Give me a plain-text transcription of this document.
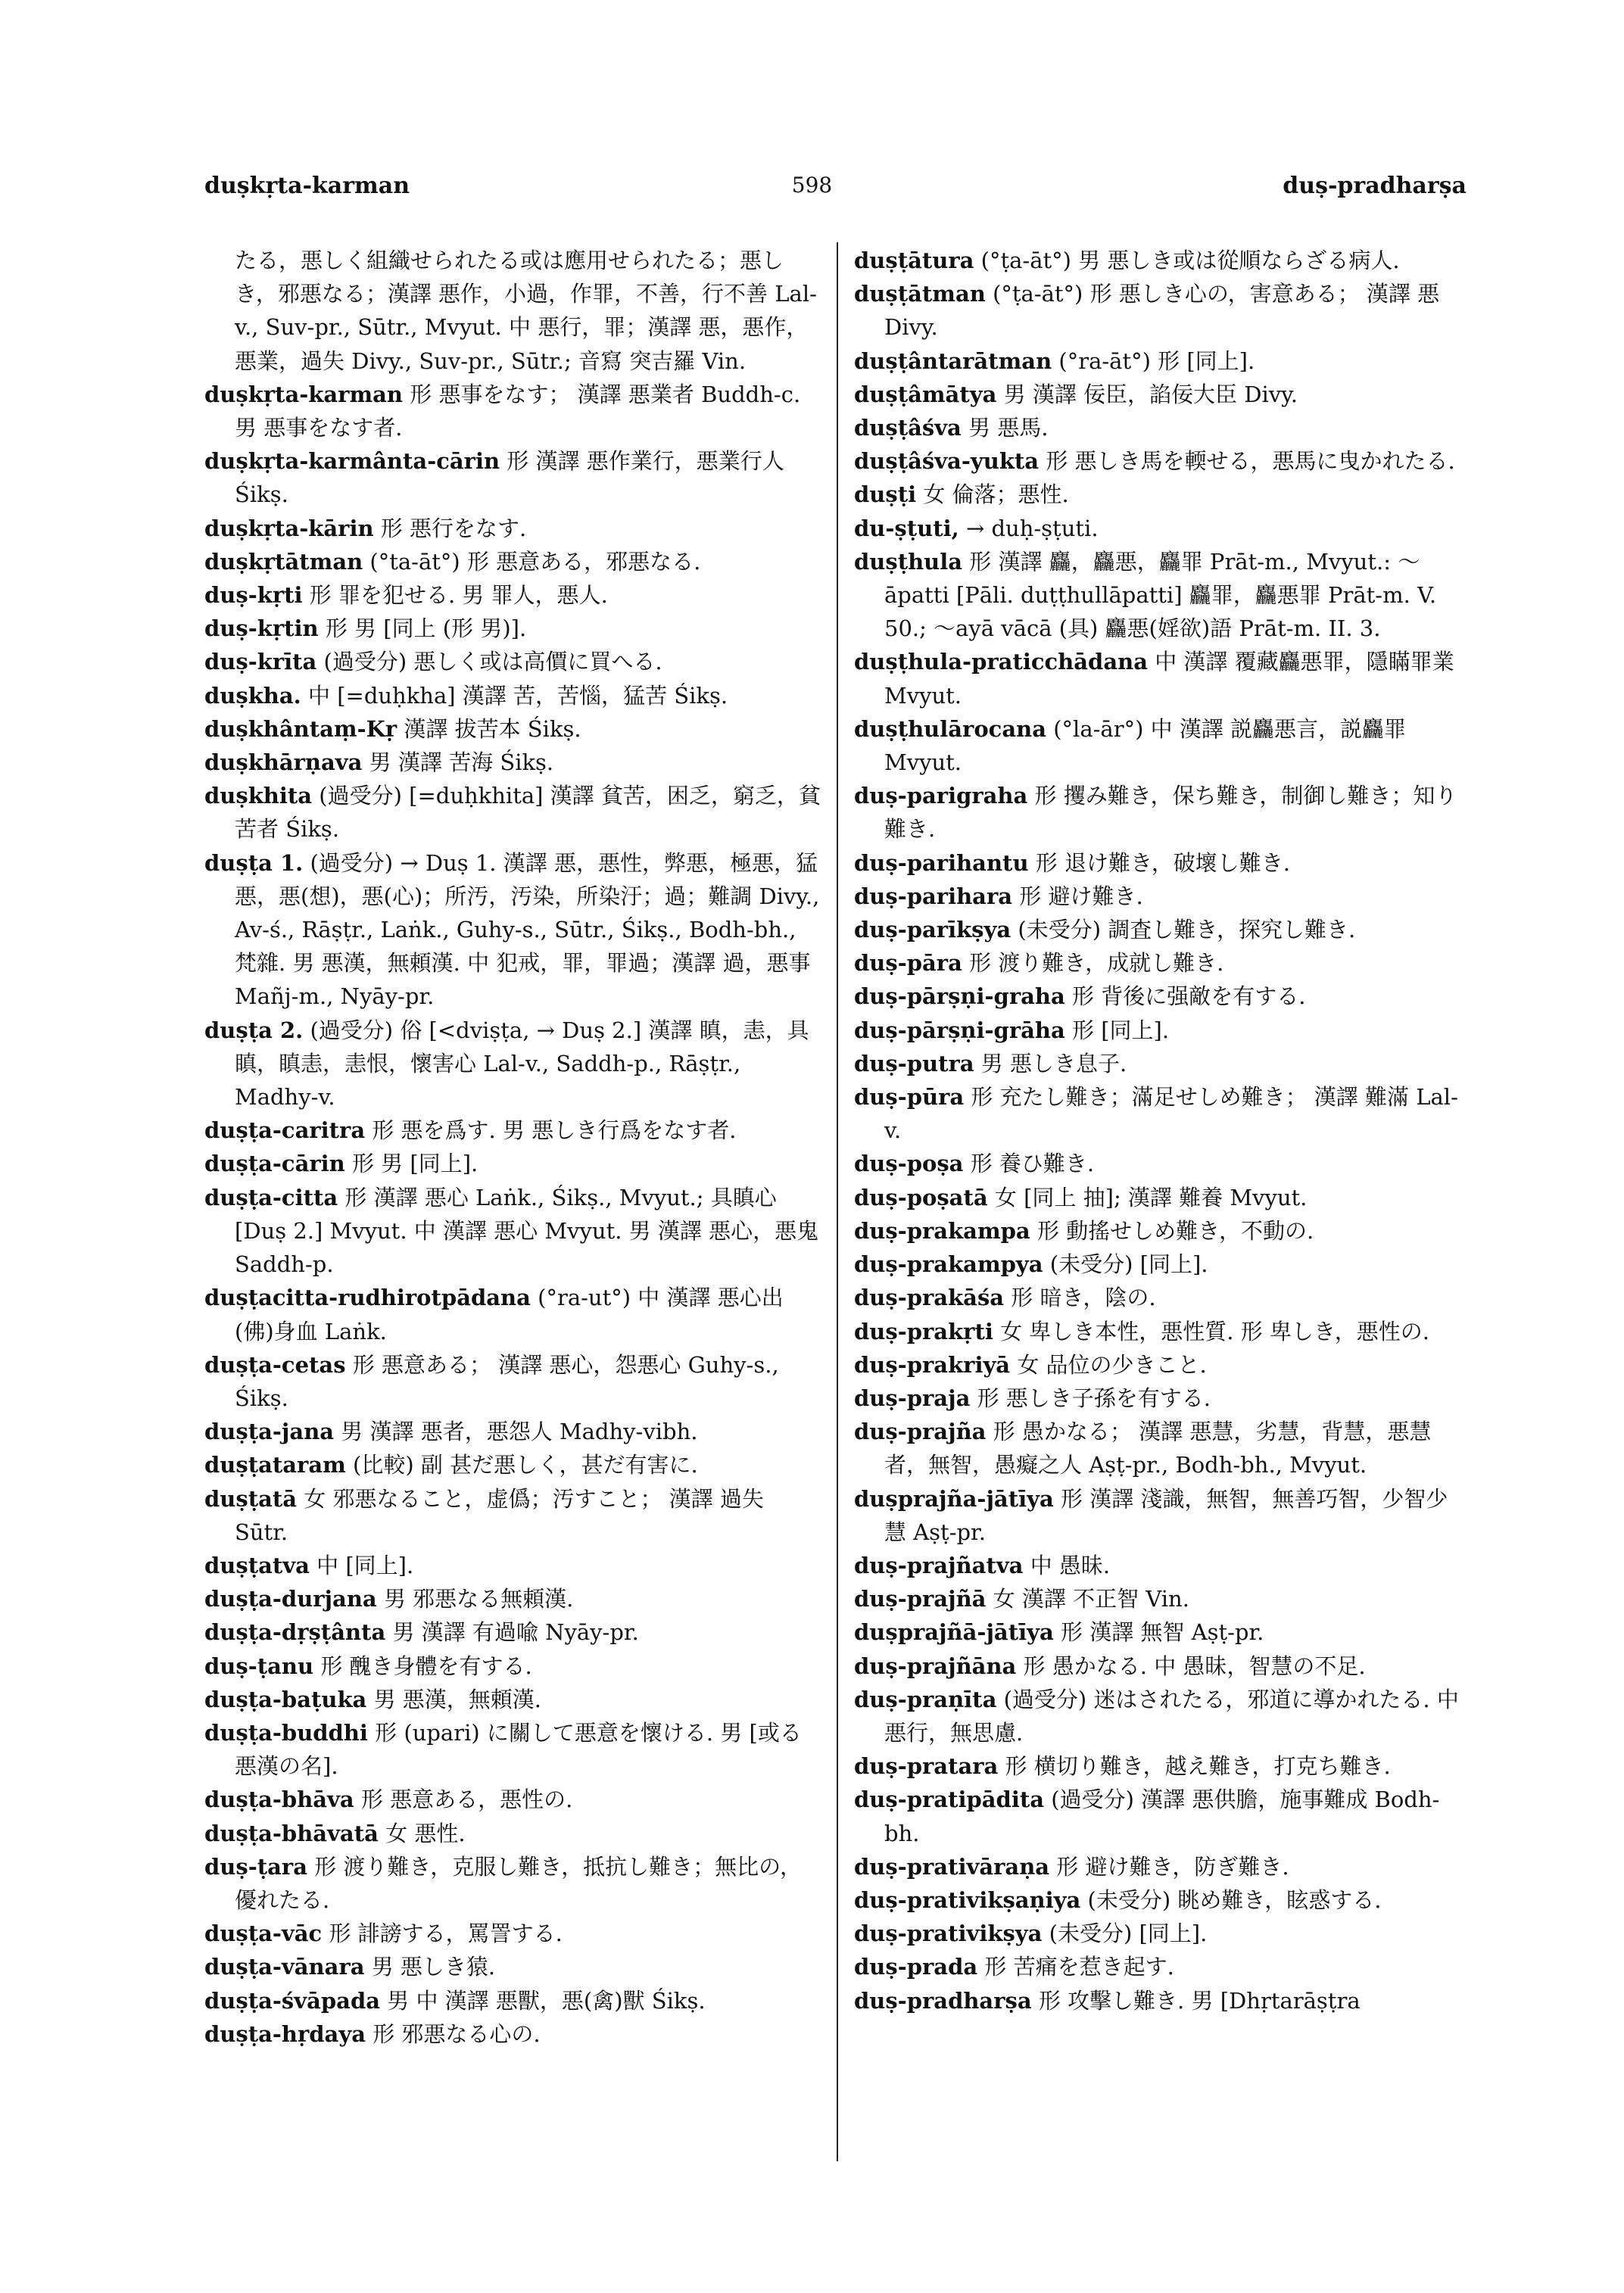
duṣkṛta-karman	598	duṣ-pradharṣa

たる，悪しく組織せられたる或は應用せられたる；悪しき，邪悪なる；漢譯 悪作，小過，作罪，不善，行不善 Lal-v., Suv-pr., Sūtr., Mvyut. 中 悪行，罪；漢譯 悪，悪作，悪業，過失 Divy., Suv-pr., Sūtr.; 音寫 突吉羅 Vin.

duṣkṛta-karman 形 悪事をなす； 漢譯 悪業者 Buddh-c. 男 悪事をなす者.

duṣkṛta-karmânta-cārin 形 漢譯 悪作業行，悪業行人 Śikṣ.

duṣkṛta-kārin 形 悪行をなす.

duṣkṛtātman (°ta-āt°) 形 悪意ある，邪悪なる.

duṣ-kṛti 形 罪を犯せる. 男 罪人，悪人.

duṣ-kṛtin 形 男 [同上 (形 男)].

duṣ-krīta (過受分) 悪しく或は高價に買へる.

duṣkha. 中 [=duḥkha] 漢譯 苦，苦惱，猛苦 Śikṣ.

duṣkhântaṃ-Kṛ 漢譯 拔苦本 Śikṣ.

duṣkhārṇava 男 漢譯 苦海 Śikṣ.

duṣkhita (過受分) [=duḥkhita] 漢譯 貧苦，困乏，窮乏，貧苦者 Śikṣ.

duṣṭa 1. (過受分) → Duṣ 1. 漢譯 悪，悪性，弊悪，極悪，猛悪，悪(想)，悪(心)；所汚，汚染，所染汙；過；難調 Divy., Av-ś., Rāṣṭr., Laṅk., Guhy-s., Sūtr., Śikṣ., Bodh-bh., 梵雜. 男 悪漢，無頼漢. 中 犯戒，罪，罪過；漢譯 過，悪事 Mañj-m., Nyāy-pr.

duṣṭa 2. (過受分) 俗 [<dviṣṭa, → Duṣ 2.] 漢譯 瞋，恚，具瞋，瞋恚，恚恨，懷害心 Lal-v., Saddh-p., Rāṣṭr., Madhy-v.

duṣṭa-caritra 形 悪を爲す. 男 悪しき行爲をなす者.

duṣṭa-cārin 形 男 [同上].

duṣṭa-citta 形 漢譯 悪心 Laṅk., Śikṣ., Mvyut.; 具瞋心 [Duṣ 2.] Mvyut. 中 漢譯 悪心 Mvyut. 男 漢譯 悪心，悪鬼 Saddh-p.

duṣṭacitta-rudhirotpādana (°ra-ut°) 中 漢譯 悪心出(佛)身血 Laṅk.

duṣṭa-cetas 形 悪意ある； 漢譯 悪心，怨悪心 Guhy-s., Śikṣ.

duṣṭa-jana 男 漢譯 悪者，悪怨人 Madhy-vibh.

duṣṭataram (比較) 副 甚だ悪しく，甚だ有害に.

duṣṭatā 女 邪悪なること，虚僞；汚すこと； 漢譯 過失 Sūtr.

duṣṭatva 中 [同上].

duṣṭa-durjana 男 邪悪なる無頼漢.

duṣṭa-dṛṣṭânta 男 漢譯 有過喩 Nyāy-pr.

duṣ-ṭanu 形 醜き身體を有する.

duṣṭa-baṭuka 男 悪漢，無頼漢.

duṣṭa-buddhi 形 (upari) に關して悪意を懷ける. 男 [或る悪漢の名].

duṣṭa-bhāva 形 悪意ある，悪性の.

duṣṭa-bhāvatā 女 悪性.

duṣ-ṭara 形 渡り難き，克服し難き，抵抗し難き；無比の，優れたる.

duṣṭa-vāc 形 誹謗する，罵詈する.

duṣṭa-vānara 男 悪しき猿.

duṣṭa-śvāpada 男 中 漢譯 悪獸，悪(禽)獸 Śikṣ.

duṣṭa-hṛdaya 形 邪悪なる心の.

duṣṭātura (°ṭa-āt°) 男 悪しき或は從順ならざる病人.

duṣṭātman (°ṭa-āt°) 形 悪しき心の，害意ある； 漢譯 悪 Divy.

duṣṭântarātman (°ra-āt°) 形 [同上].

duṣṭâmātya 男 漢譯 佞臣，諂佞大臣 Divy.

duṣṭâśva 男 悪馬.

duṣṭâśva-yukta 形 悪しき馬を輭せる，悪馬に曳かれたる.

duṣṭi 女 倫落；悪性.

du-ṣṭuti, → duḥ-ṣṭuti.

duṣṭhula 形 漢譯 麤，麤悪，麤罪 Prāt-m., Mvyut.: ～āpatti [Pāli. duṭṭhullāpatti] 麤罪，麤悪罪 Prāt-m. V. 50.; ～ayā vācā (具) 麤悪(婬欲)語 Prāt-m. II. 3.

duṣṭhula-praticchādana 中 漢譯 覆藏麤悪罪，隱瞞罪業 Mvyut.

duṣṭhulārocana (°la-ār°) 中 漢譯 説麤悪言，説麤罪 Mvyut.

duṣ-parigraha 形 攫み難き，保ち難き，制御し難き；知り難き.

duṣ-parihantu 形 退け難き，破壞し難き.

duṣ-parihara 形 避け難き.

duṣ-parīkṣya (未受分) 調査し難き，探究し難き.

duṣ-pāra 形 渡り難き，成就し難き.

duṣ-pārṣṇi-graha 形 背後に强敵を有する.

duṣ-pārṣṇi-grāha 形 [同上].

duṣ-putra 男 悪しき息子.

duṣ-pūra 形 充たし難き；滿足せしめ難き； 漢譯 難滿 Lal-v.

duṣ-poṣa 形 養ひ難き.

duṣ-poṣatā 女 [同上 抽]; 漢譯 難養 Mvyut.

duṣ-prakampa 形 動搖せしめ難き，不動の.

duṣ-prakampya (未受分) [同上].

duṣ-prakāśa 形 暗き，陰の.

duṣ-prakṛti 女 卑しき本性，悪性質. 形 卑しき，悪性の.

duṣ-prakriyā 女 品位の少きこと.

duṣ-praja 形 悪しき子孫を有する.

duṣ-prajña 形 愚かなる； 漢譯 悪慧，劣慧，背慧，悪慧者，無智，愚癡之人 Aṣṭ-pr., Bodh-bh., Mvyut.

duṣprajña-jātīya 形 漢譯 淺識，無智，無善巧智，少智少慧 Aṣṭ-pr.

duṣ-prajñatva 中 愚昧.

duṣ-prajñā 女 漢譯 不正智 Vin.

duṣprajñā-jātīya 形 漢譯 無智 Aṣṭ-pr.

duṣ-prajñāna 形 愚かなる. 中 愚昧，智慧の不足.

duṣ-praṇīta (過受分) 迷はされたる，邪道に導かれたる. 中 悪行，無思慮.

duṣ-pratara 形 横切り難き，越え難き，打克ち難き.

duṣ-pratipādita (過受分) 漢譯 悪供膽，施事難成 Bodh-bh.

duṣ-prativāraṇa 形 避け難き，防ぎ難き.

duṣ-prativikṣaṇiya (未受分) 眺め難き，眩惑する.

duṣ-prativikṣya (未受分) [同上].

duṣ-prada 形 苦痛を惹き起す.

duṣ-pradharṣa 形 攻擊し難き. 男 [Dhṛtarāṣṭra
